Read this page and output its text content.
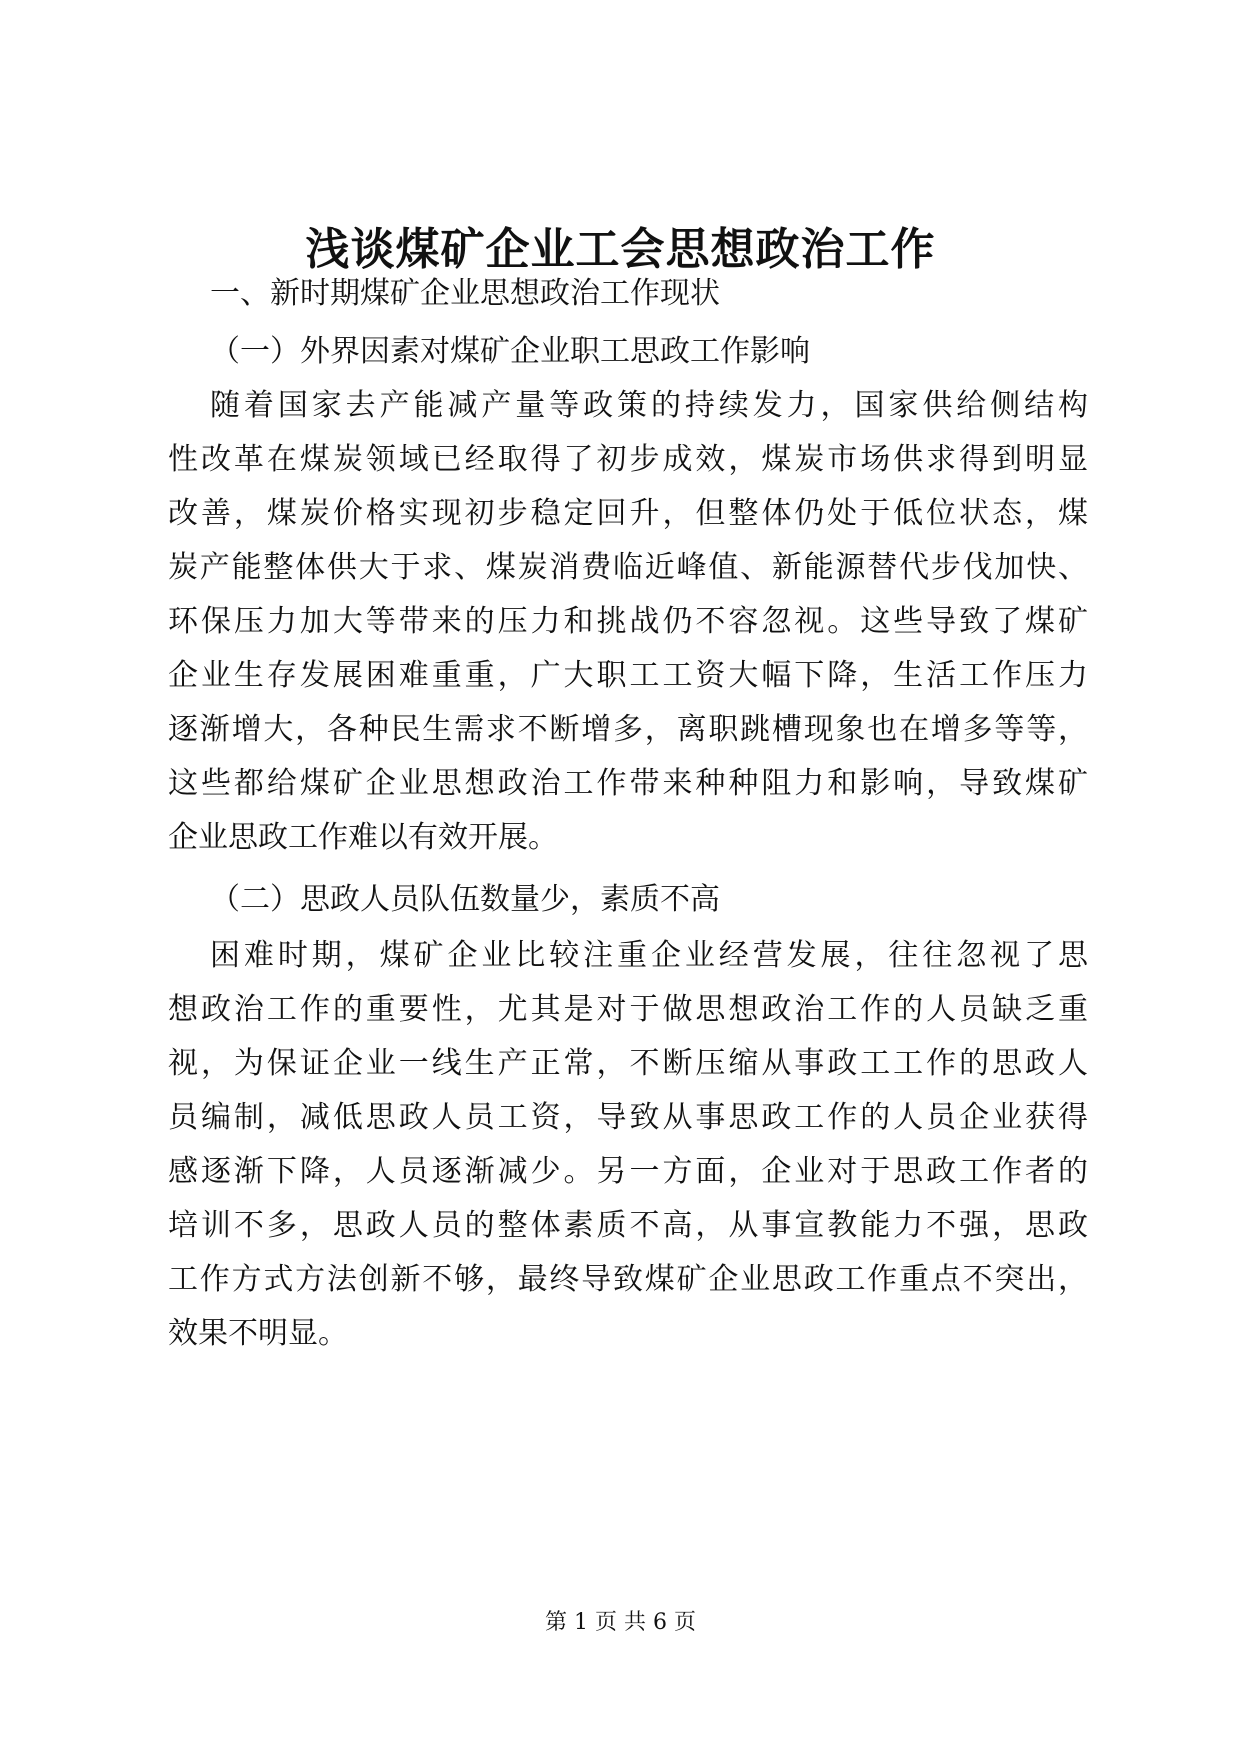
浅谈煤矿企业工会思想政治工作

一、新时期煤矿企业思想政治工作现状

（一）外界因素对煤矿企业职工思政工作影响

随着国家去产能减产量等政策的持续发力，国家供给侧结构

性改革在煤炭领域已经取得了初步成效，煤炭市场供求得到明显

改善，煤炭价格实现初步稳定回升，但整体仍处于低位状态，煤

炭产能整体供大于求、煤炭消费临近峰值、新能源替代步伐加快、

环保压力加大等带来的压力和挑战仍不容忽视。这些导致了煤矿

企业生存发展困难重重，广大职工工资大幅下降，生活工作压力

逐渐增大，各种民生需求不断增多，离职跳槽现象也在增多等等，

这些都给煤矿企业思想政治工作带来种种阻力和影响，导致煤矿

企业思政工作难以有效开展。

（二）思政人员队伍数量少，素质不高

困难时期，煤矿企业比较注重企业经营发展，往往忽视了思

想政治工作的重要性，尤其是对于做思想政治工作的人员缺乏重

视，为保证企业一线生产正常，不断压缩从事政工工作的思政人

员编制，减低思政人员工资，导致从事思政工作的人员企业获得

感逐渐下降，人员逐渐减少。另一方面，企业对于思政工作者的

培训不多，思政人员的整体素质不高，从事宣教能力不强，思政

工作方式方法创新不够，最终导致煤矿企业思政工作重点不突出，

效果不明显。

第 1 页 共 6 页
